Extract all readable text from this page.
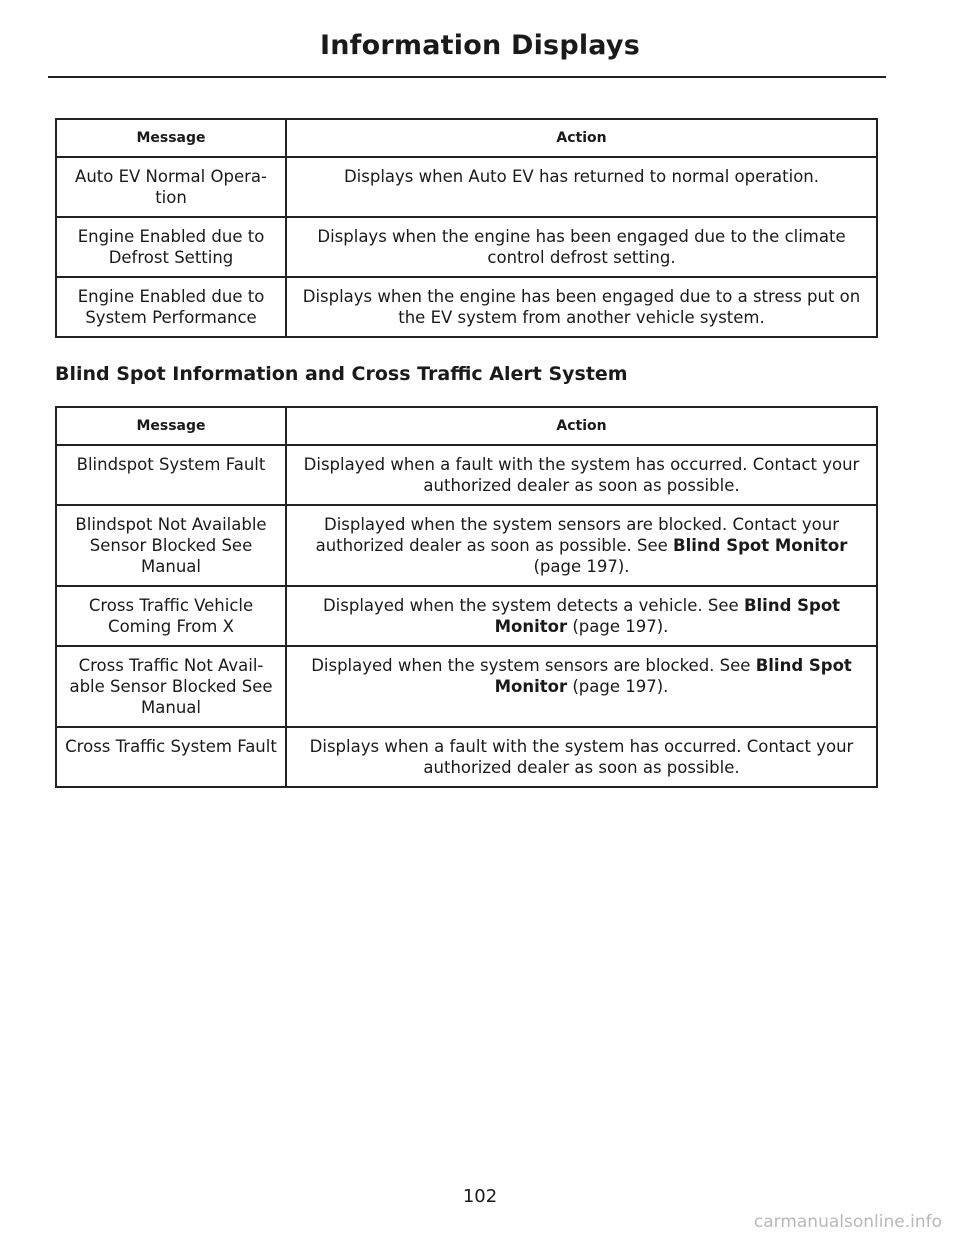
Information Displays
Message	Action
Auto EV Normal Opera-tion	Displays when Auto EV has returned to normal operation.
Engine Enabled due to Defrost Setting	Displays when the engine has been engaged due to the climate control defrost setting.
Engine Enabled due to System Performance	Displays when the engine has been engaged due to a stress put on the EV system from another vehicle system.
Blind Spot Information and Cross Traffic Alert System
Message	Action
Blindspot System Fault	Displayed when a fault with the system has occurred. Contact your authorized dealer as soon as possible.
Blindspot Not Available Sensor Blocked See Manual	Displayed when the system sensors are blocked. Contact your authorized dealer as soon as possible. See Blind Spot Monitor (page 197).
Cross Traffic Vehicle Coming From X	Displayed when the system detects a vehicle. See Blind Spot Monitor (page 197).
Cross Traffic Not Avail-able Sensor Blocked See Manual	Displayed when the system sensors are blocked. See Blind Spot Monitor (page 197).
Cross Traffic System Fault	Displays when a fault with the system has occurred. Contact your authorized dealer as soon as possible.
102
carmanualsonline.info
